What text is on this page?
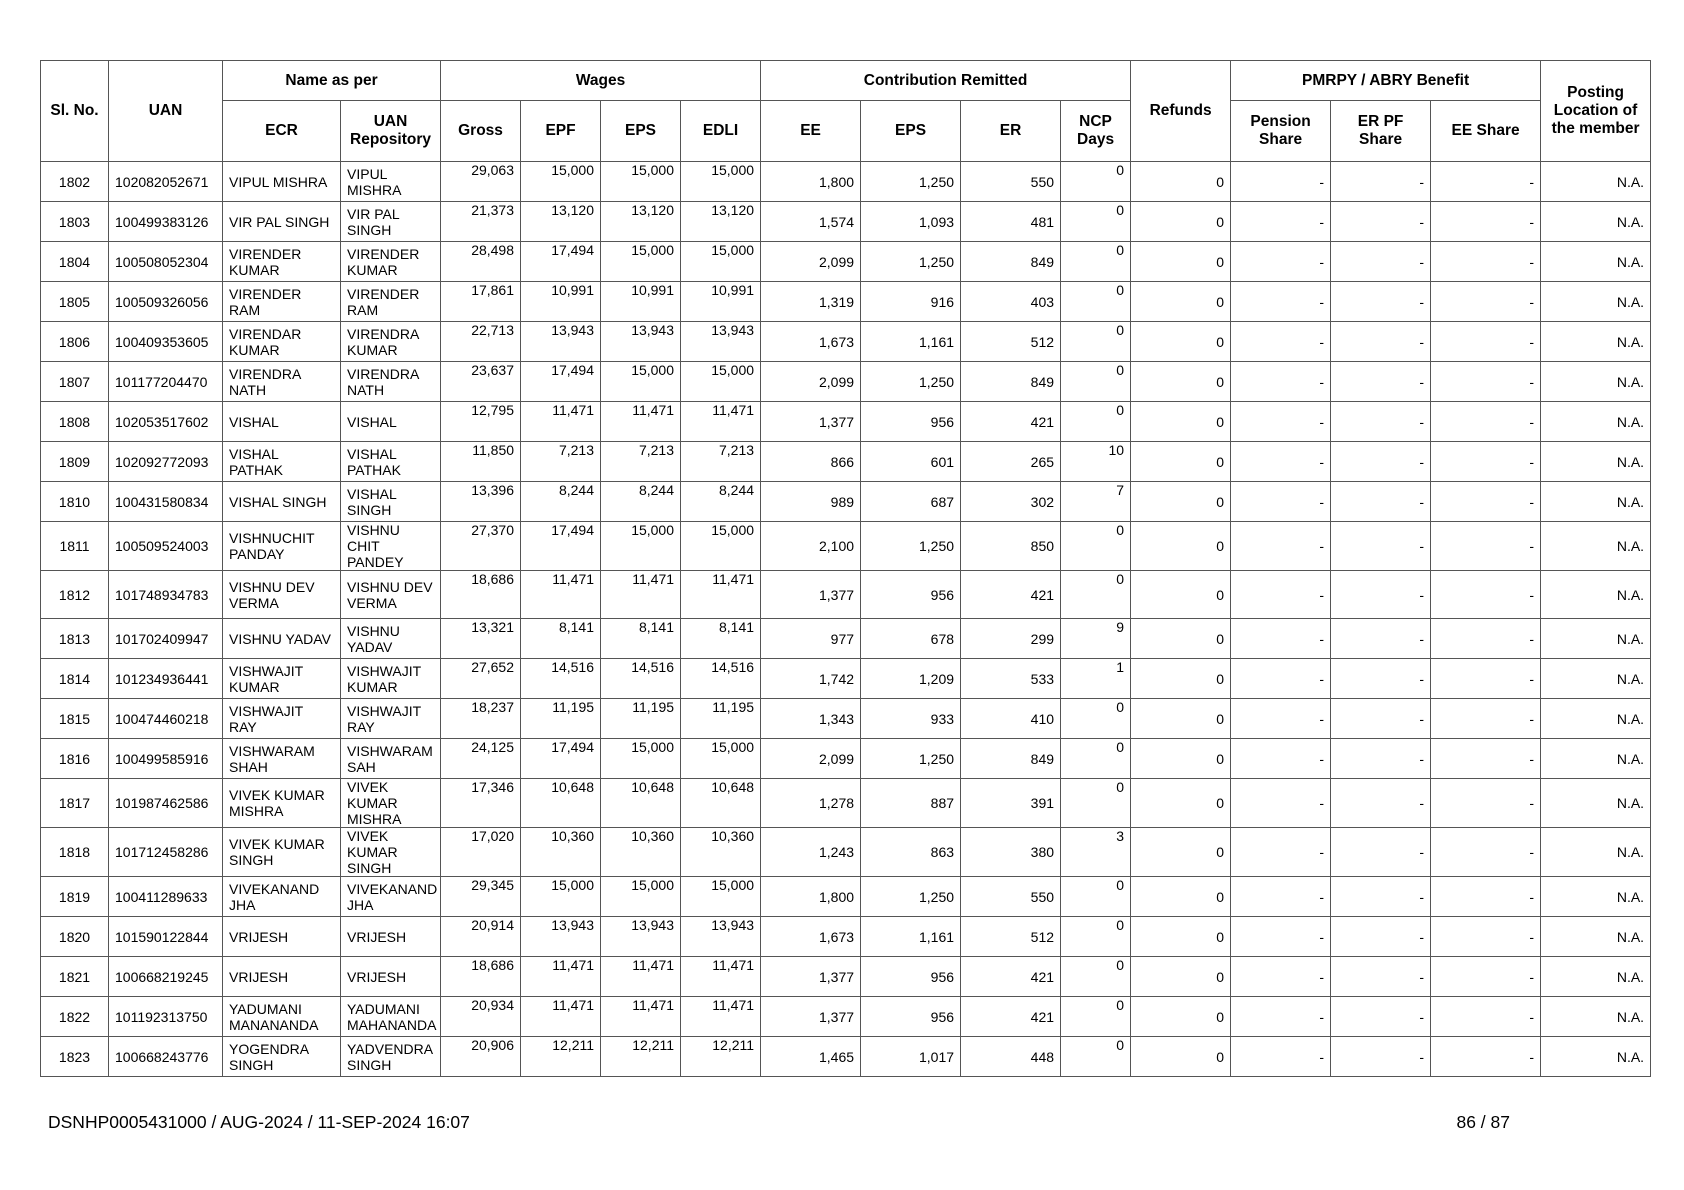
Sl. No.	UAN	Name as per		Wages				Contribution Remitted				Refunds	PMRPY / ABRY Benefit			Posting Location of the member
		ECR	UAN Repository	Gross	EPF	EPS	EDLI	EE	EPS	ER	NCP Days		Pension Share	ER PF Share	EE Share	
1802	102082052671	VIPUL MISHRA	VIPUL MISHRA	29,063	15,000	15,000	15,000	1,800	1,250	550	0	0	-	-	-	N.A.
1803	100499383126	VIR PAL SINGH	VIR PAL SINGH	21,373	13,120	13,120	13,120	1,574	1,093	481	0	0	-	-	-	N.A.
1804	100508052304	VIRENDER KUMAR	VIRENDER KUMAR	28,498	17,494	15,000	15,000	2,099	1,250	849	0	0	-	-	-	N.A.
1805	100509326056	VIRENDER RAM	VIRENDER RAM	17,861	10,991	10,991	10,991	1,319	916	403	0	0	-	-	-	N.A.
1806	100409353605	VIRENDAR KUMAR	VIRENDRA KUMAR	22,713	13,943	13,943	13,943	1,673	1,161	512	0	0	-	-	-	N.A.
1807	101177204470	VIRENDRA NATH	VIRENDRA NATH	23,637	17,494	15,000	15,000	2,099	1,250	849	0	0	-	-	-	N.A.
1808	102053517602	VISHAL	VISHAL	12,795	11,471	11,471	11,471	1,377	956	421	0	0	-	-	-	N.A.
1809	102092772093	VISHAL PATHAK	VISHAL PATHAK	11,850	7,213	7,213	7,213	866	601	265	10	0	-	-	-	N.A.
1810	100431580834	VISHAL SINGH	VISHAL SINGH	13,396	8,244	8,244	8,244	989	687	302	7	0	-	-	-	N.A.
1811	100509524003	VISHNUCHIT PANDAY	VISHNU CHIT PANDEY	27,370	17,494	15,000	15,000	2,100	1,250	850	0	0	-	-	-	N.A.
1812	101748934783	VISHNU DEV VERMA	VISHNU DEV VERMA	18,686	11,471	11,471	11,471	1,377	956	421	0	0	-	-	-	N.A.
1813	101702409947	VISHNU YADAV	VISHNU YADAV	13,321	8,141	8,141	8,141	977	678	299	9	0	-	-	-	N.A.
1814	101234936441	VISHWAJIT KUMAR	VISHWAJIT KUMAR	27,652	14,516	14,516	14,516	1,742	1,209	533	1	0	-	-	-	N.A.
1815	100474460218	VISHWAJIT RAY	VISHWAJIT RAY	18,237	11,195	11,195	11,195	1,343	933	410	0	0	-	-	-	N.A.
1816	100499585916	VISHWARAM SHAH	VISHWARAM SAH	24,125	17,494	15,000	15,000	2,099	1,250	849	0	0	-	-	-	N.A.
1817	101987462586	VIVEK KUMAR MISHRA	VIVEK KUMAR MISHRA	17,346	10,648	10,648	10,648	1,278	887	391	0	0	-	-	-	N.A.
1818	101712458286	VIVEK KUMAR SINGH	VIVEK KUMAR SINGH	17,020	10,360	10,360	10,360	1,243	863	380	3	0	-	-	-	N.A.
1819	100411289633	VIVEKANAND JHA	VIVEKANAND JHA	29,345	15,000	15,000	15,000	1,800	1,250	550	0	0	-	-	-	N.A.
1820	101590122844	VRIJESH	VRIJESH	20,914	13,943	13,943	13,943	1,673	1,161	512	0	0	-	-	-	N.A.
1821	100668219245	VRIJESH	VRIJESH	18,686	11,471	11,471	11,471	1,377	956	421	0	0	-	-	-	N.A.
1822	101192313750	YADUMANI MANANANDA	YADUMANI MAHANANDA	20,934	11,471	11,471	11,471	1,377	956	421	0	0	-	-	-	N.A.
1823	100668243776	YOGENDRA SINGH	YADVENDRA SINGH	20,906	12,211	12,211	12,211	1,465	1,017	448	0	0	-	-	-	N.A.
DSNHP0005431000 / AUG-2024 / 11-SEP-2024 16:07	86 / 87
